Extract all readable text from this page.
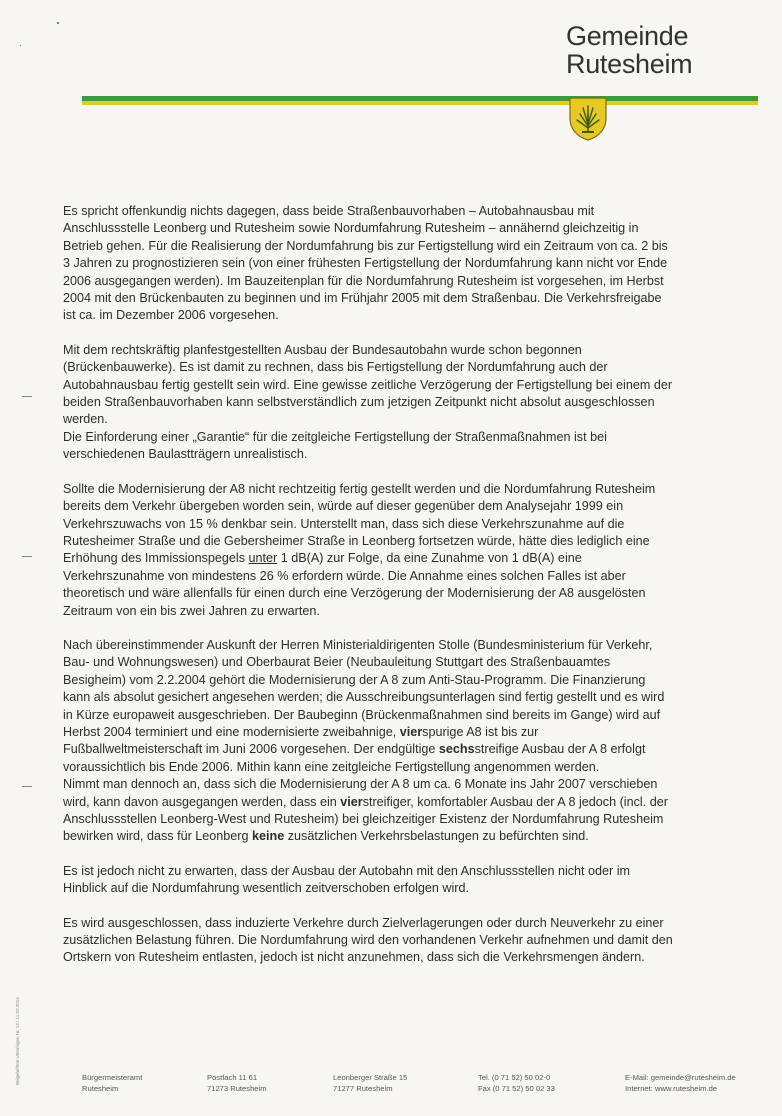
Gemeinde
Rutesheim
Beigeheftete Unterlagen Nr. 13 / 11.03.2014

Es spricht offenkundig nichts dagegen, dass beide Straßenbauvorhaben – Autobahnausbau mit Anschlussstelle Leonberg und Rutesheim sowie Nordumfahrung Rutesheim – annähernd gleichzeitig in Betrieb gehen. Für die Realisierung der Nordumfahrung bis zur Fertigstellung wird ein Zeitraum von ca. 2 bis 3 Jahren zu prognostizieren sein (von einer frühesten Fertigstellung der Nordumfahrung kann nicht vor Ende 2006 ausgegangen werden). Im Bauzeitenplan für die Nordumfahrung Rutesheim ist vorgesehen, im Herbst 2004 mit den Brückenbauten zu beginnen und im Frühjahr 2005 mit dem Straßenbau. Die Verkehrsfreigabe ist ca. im Dezember 2006 vorgesehen.

Mit dem rechtskräftig planfestgestellten Ausbau der Bundesautobahn wurde schon begonnen (Brückenbauwerke). Es ist damit zu rechnen, dass bis Fertigstellung der Nordumfahrung auch der Autobahnausbau fertig gestellt sein wird. Eine gewisse zeitliche Verzögerung der Fertigstellung bei einem der beiden Straßenbauvorhaben kann selbstverständlich zum jetzigen Zeitpunkt nicht absolut ausgeschlossen werden.
Die Einforderung einer „Garantie“ für die zeitgleiche Fertigstellung der Straßenmaßnahmen ist bei verschiedenen Baulastträgern unrealistisch.

Sollte die Modernisierung der A8 nicht rechtzeitig fertig gestellt werden und die Nordumfahrung Rutesheim bereits dem Verkehr übergeben worden sein, würde auf dieser gegenüber dem Analysejahr 1999 ein Verkehrszuwachs von 15 % denkbar sein. Unterstellt man, dass sich diese Verkehrszunahme auf die Rutesheimer Straße und die Gebersheimer Straße in Leonberg fortsetzen würde, hätte dies lediglich eine Erhöhung des Immissionspegels unter 1 dB(A) zur Folge, da eine Zunahme von 1 dB(A) eine Verkehrszunahme von mindestens 26 % erfordern würde. Die Annahme eines solchen Falles ist aber theoretisch und wäre allenfalls für einen durch eine Verzögerung der Modernisierung der A8 ausgelösten Zeitraum von ein bis zwei Jahren zu erwarten.

Nach übereinstimmender Auskunft der Herren Ministerialdirigenten Stolle (Bundesministerium für Verkehr, Bau- und Wohnungswesen) und Oberbaurat Beier (Neubauleitung Stuttgart des Straßenbauamtes Besigheim) vom 2.2.2004 gehört die Modernisierung der A 8 zum Anti-Stau-Programm. Die Finanzierung kann als absolut gesichert angesehen werden; die Ausschreibungsunterlagen sind fertig gestellt und es wird in Kürze europaweit ausgeschrieben. Der Baubeginn (Brückenmaßnahmen sind bereits im Gange) wird auf Herbst 2004 terminiert und eine modernisierte zweibahnige, vierspurige A8 ist bis zur Fußballweltmeisterschaft im Juni 2006 vorgesehen. Der endgültige sechsstreifige Ausbau der A 8 erfolgt voraussichtlich bis Ende 2006. Mithin kann eine zeitgleiche Fertigstellung angenommen werden.
Nimmt man dennoch an, dass sich die Modernisierung der A 8 um ca. 6 Monate ins Jahr 2007 verschieben wird, kann davon ausgegangen werden, dass ein vierstreifiger, komfortabler Ausbau der A 8 jedoch (incl. der Anschlussstellen Leonberg-West und Rutesheim) bei gleichzeitiger Existenz der Nordumfahrung Rutesheim bewirken wird, dass für Leonberg keine zusätzlichen Verkehrsbelastungen zu befürchten sind.

Es ist jedoch nicht zu erwarten, dass der Ausbau der Autobahn mit den Anschlussstellen nicht oder im Hinblick auf die Nordumfahrung wesentlich zeitverschoben erfolgen wird.

Es wird ausgeschlossen, dass induzierte Verkehre durch Zielverlagerungen oder durch Neuverkehr zu einer zusätzlichen Belastung führen. Die Nordumfahrung wird den vorhandenen Verkehr aufnehmen und damit den Ortskern von Rutesheim entlasten, jedoch ist nicht anzunehmen, dass sich die Verkehrsmengen ändern.

Bürgermeisteramt
Rutesheim
Postfach 11 61
71273 Rutesheim
Leonberger Straße 15
71277 Rutesheim
Tel. (0 71 52) 50 02-0
Fax (0 71 52) 50 02 33
E-Mail: gemeinde@rutesheim.de
Internet: www.rutesheim.de
